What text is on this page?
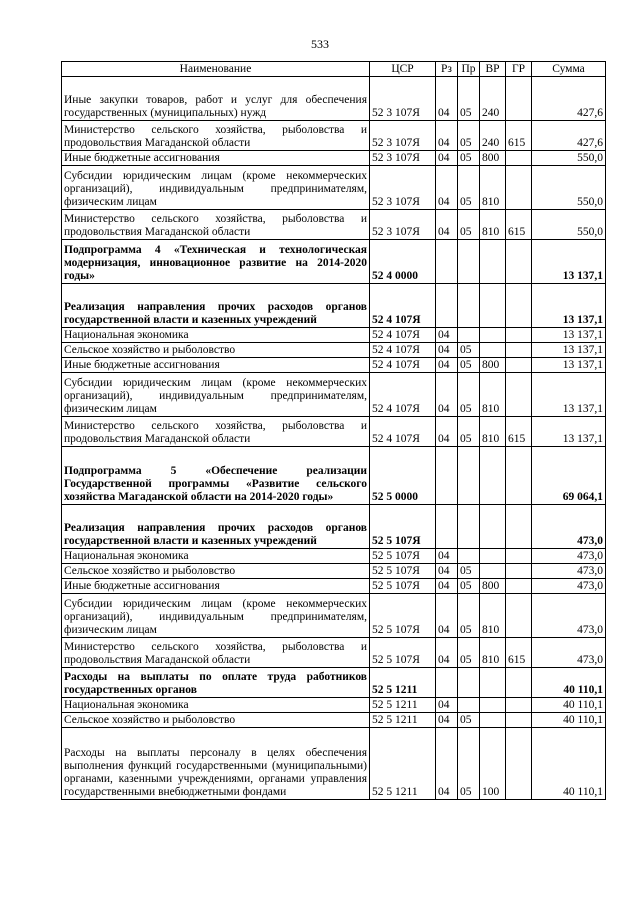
533
Наименование	ЦСР	Рз	Пр	ВР	ГР	Сумма
Иные закупки товаров, работ и услуг для обеспечения государственных (муниципальных) нужд	52 3 107Я	04	05	240		427,6
Министерство сельского хозяйства, рыболовства и продовольствия Магаданской области	52 3 107Я	04	05	240	615	427,6
Иные бюджетные ассигнования	52 3 107Я	04	05	800		550,0
Субсидии юридическим лицам (кроме некоммерческих организаций), индивидуальным предпринимателям, физическим лицам	52 3 107Я	04	05	810		550,0
Министерство сельского хозяйства, рыболовства и продовольствия Магаданской области	52 3 107Я	04	05	810	615	550,0
Подпрограмма 4 «Техническая и технологическая модернизация, инновационное развитие на 2014-2020 годы»	52 4 0000					13 137,1
Реализация направления прочих расходов органов государственной власти и казенных учреждений	52 4 107Я					13 137,1
Национальная экономика	52 4 107Я	04				13 137,1
Сельское хозяйство и рыболовство	52 4 107Я	04	05			13 137,1
Иные бюджетные ассигнования	52 4 107Я	04	05	800		13 137,1
Субсидии юридическим лицам (кроме некоммерческих организаций), индивидуальным предпринимателям, физическим лицам	52 4 107Я	04	05	810		13 137,1
Министерство сельского хозяйства, рыболовства и продовольствия Магаданской области	52 4 107Я	04	05	810	615	13 137,1
Подпрограмма 5 «Обеспечение реализации Государственной программы «Развитие сельского хозяйства Магаданской области на 2014-2020 годы»	52 5 0000					69 064,1
Реализация направления прочих расходов органов государственной власти и казенных учреждений	52 5 107Я					473,0
Национальная экономика	52 5 107Я	04				473,0
Сельское хозяйство и рыболовство	52 5 107Я	04	05			473,0
Иные бюджетные ассигнования	52 5 107Я	04	05	800		473,0
Субсидии юридическим лицам (кроме некоммерческих организаций), индивидуальным предпринимателям, физическим лицам	52 5 107Я	04	05	810		473,0
Министерство сельского хозяйства, рыболовства и продовольствия Магаданской области	52 5 107Я	04	05	810	615	473,0
Расходы на выплаты по оплате труда работников государственных органов	52 5 1211					40 110,1
Национальная экономика	52 5 1211	04				40 110,1
Сельское хозяйство и рыболовство	52 5 1211	04	05			40 110,1
Расходы на выплаты персоналу в целях обеспечения выполнения функций государственными (муниципальными) органами, казенными учреждениями, органами управления государственными внебюджетными фондами	52 5 1211	04	05	100		40 110,1
